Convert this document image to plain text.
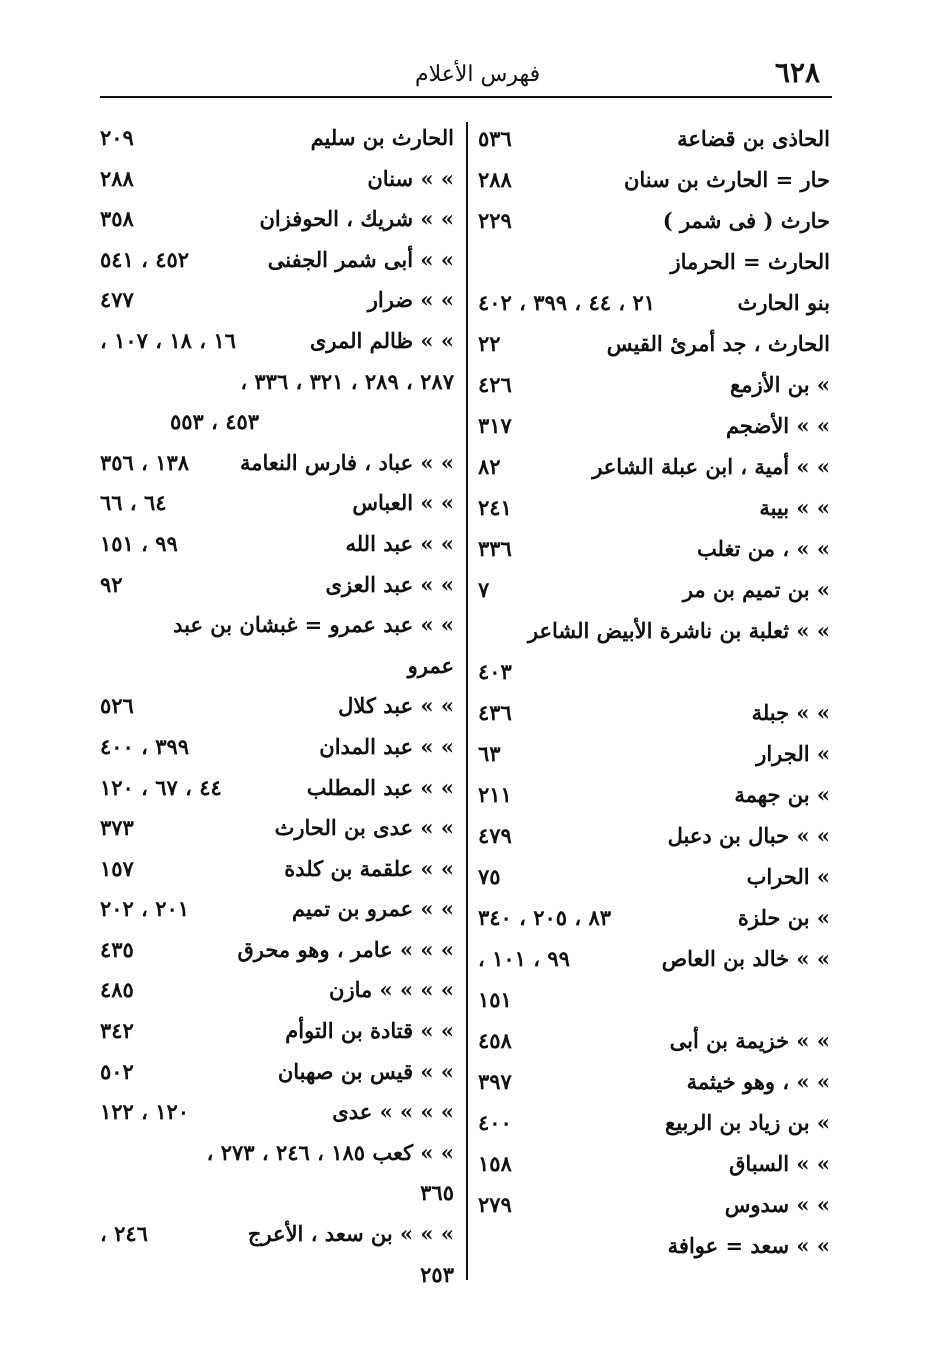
٦٢٨
فهرس الأعلام
الحاذى بن قضاعة
٥٣٦
حار = الحارث بن سنان
٢٨٨
حارث ( فى شمر )
٢٢٩
الحارث = الحرماز
بنو الحارث
٢١ ، ٤٤ ، ٣٩٩ ، ٤٠٢
الحارث ، جد أمرئ القيس
٢٢
» بن الأزمع
٤٢٦
» » الأضجم
٣١٧
» » أمية ، ابن عبلة الشاعر
٨٢
» » بيبة
٢٤١
» » ، من تغلب
٣٣٦
» بن تميم بن مر
٧
» » ثعلبة بن ناشرة الأبيض الشاعر
٤٠٣
» » جبلة
٤٣٦
» الجرار
٦٣
» بن جهمة
٢١١
» » حبال بن دعبل
٤٧٩
» الحراب
٧٥
» بن حلزة
٨٣ ، ٢٠٥ ، ٣٤٠
» » خالد بن العاص
٩٩ ، ١٠١ ،
١٥١
» » خزيمة بن أبى
٤٥٨
» » ، وهو خيثمة
٣٩٧
» بن زياد بن الربيع
٤٠٠
» » السباق
١٥٨
» » سدوس
٢٧٩
» » سعد = عوافة
الحارث بن سليم
٢٠٩
» » سنان
٢٨٨
» » شريك ، الحوفزان
٣٥٨
» » أبى شمر الجفنى
٤٥٢ ، ٥٤١
» » ضرار
٤٧٧
» » ظالم المرى
١٦ ، ١٨ ، ١٠٧ ،
٢٨٧ ، ٢٨٩ ، ٣٢١ ، ٣٣٦ ،
٤٥٣ ، ٥٥٣
» » عباد ، فارس النعامة
١٣٨ ، ٣٥٦
» » العباس
٦٤ ، ٦٦
» » عبد الله
٩٩ ، ١٥١
» » عبد العزى
٩٢
» » عبد عمرو = غبشان بن عبد
عمرو
» » عبد كلال
٥٢٦
» » عبد المدان
٣٩٩ ، ٤٠٠
» » عبد المطلب
٤٤ ، ٦٧ ، ١٢٠
» » عدى بن الحارث
٣٧٣
» » علقمة بن كلدة
١٥٧
» » عمرو بن تميم
٢٠١ ، ٢٠٢
» » » عامر ، وهو محرق
٤٣٥
» » » » مازن
٤٨٥
» » قتادة بن التوأم
٣٤٢
» » قيس بن صهبان
٥٠٢
» » » » عدى
١٢٠ ، ١٢٢
» » كعب ١٨٥ ، ٢٤٦ ، ٢٧٣ ،
٣٦٥
» » » بن سعد ، الأعرج
٢٤٦ ،
٢٥٣
